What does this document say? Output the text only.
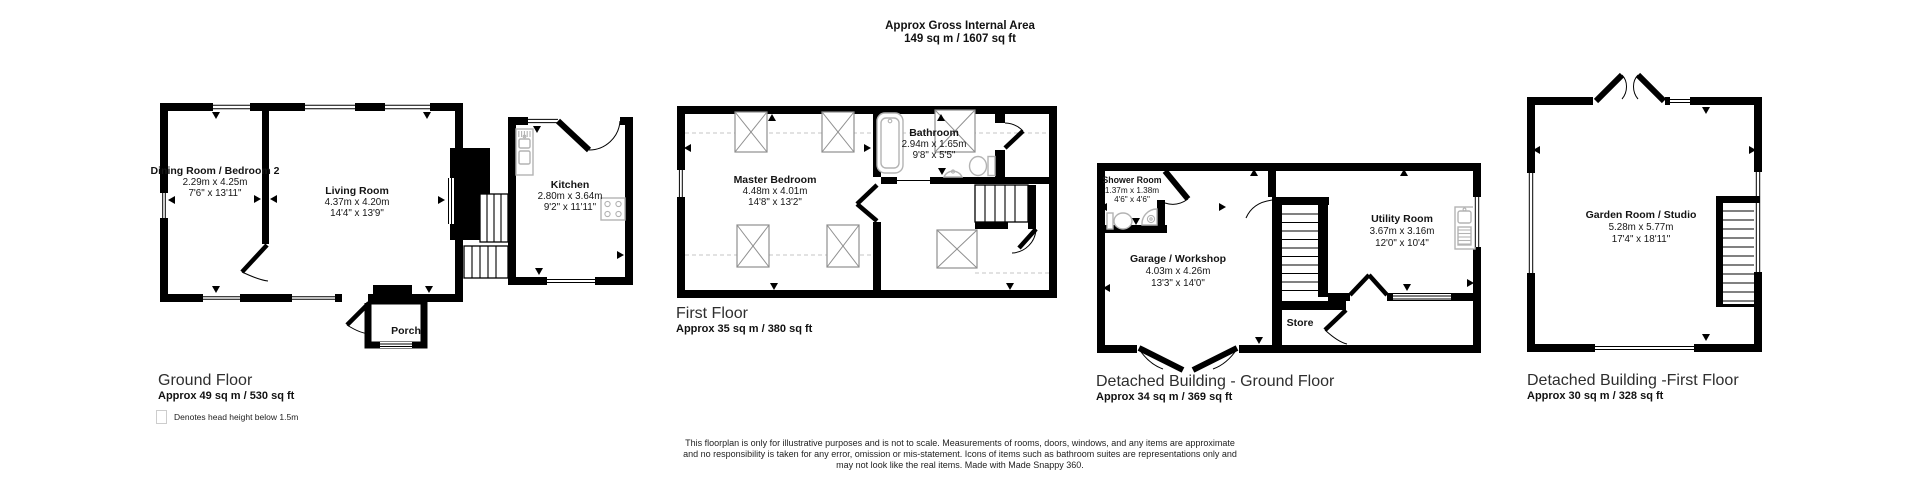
Approx Gross Internal Area
149 sq m / 1607 sq ft
Dining Room / Bedroom 2
2.29m x 4.25m
7'6" x 13'11"	Living Room
4.37m x 4.20m
14'4" x 13'9"
Kitchen
2.80m x 3.64m
9'2" x 11'11"
Porch
Master Bedroom
4.48m x 4.01m
14'8" x 13'2"
Bathroom
2.94m x 1.65m
9'8" x 5'5"
Shower Room
1.37m x 1.38m
4'6" x 4'6"
Garage / Workshop
4.03m x 4.26m
13'3" x 14'0"
Utility Room
3.67m x 3.16m
12'0" x 10'4"
Store
Garden Room / Studio
5.28m x 5.77m
17'4" x 18'11"
Ground Floor
Approx 49 sq m / 530 sq ft
Denotes head height below 1.5m
First Floor
Approx 35 sq m / 380 sq ft
Detached Building - Ground Floor
Approx 34 sq m / 369 sq ft
Detached Building -First Floor
Approx 30 sq m / 328 sq ft
This floorplan is only for illustrative purposes and is not to scale. Measurements of rooms, doors, windows, and any items are approximate
and no responsibility is taken for any error, omission or mis-statement. Icons of items such as bathroom suites are representations only and
may not look like the real items. Made with Made Snappy 360.
